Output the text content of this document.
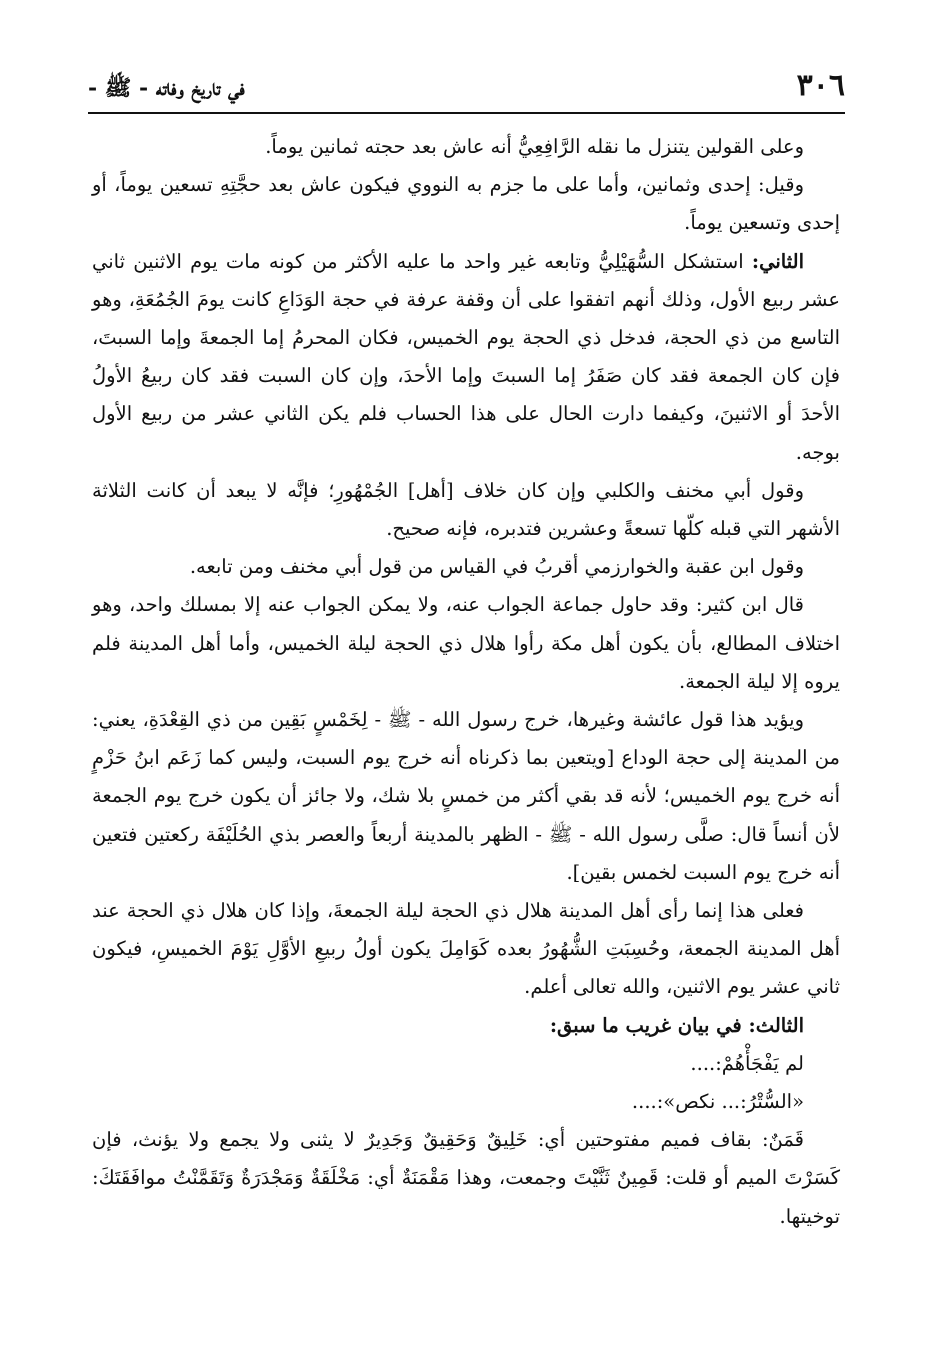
٣٠٦
في تاريخ وفاته - ﷺ -

وعلى القولين يتنزل ما نقله الرَّافِعِيُّ أنه عاش بعد حجته ثمانين يوماً.

وقيل: إحدى وثمانين، وأما على ما جزم به النووي فيكون عاش بعد حجَّتِهِ تسعين يوماً، أو إحدى وتسعين يوماً.

الثاني: استشكل السُّهَيْلِيُّ وتابعه غير واحد ما عليه الأكثر من كونه مات يوم الاثنين ثاني عشر ربيع الأول، وذلك أنهم اتفقوا على أن وقفة عرفة في حجة الوَدَاعِ كانت يومَ الجُمُعَةِ، وهو التاسع من ذي الحجة، فدخل ذي الحجة يوم الخميس، فكان المحرمُ إما الجمعةَ وإما السبتَ، فإن كان الجمعة فقد كان صَفَرُ إما السبتَ وإما الأحدَ، وإن كان السبت فقد كان ربيعُ الأولُ الأحدَ أو الاثنينَ، وكيفما دارت الحال على هذا الحساب فلم يكن الثاني عشر من ربيع الأول بوجه.

وقول أبي مخنف والكلبي وإن كان خلاف [أهل] الجُمْهُورِ؛ فإنَّه لا يبعد أن كانت الثلاثة الأشهر التي قبله كلّها تسعةً وعشرين فتدبره، فإنه صحيح.

وقول ابن عقبة والخوارزمي أقربُ في القياس من قول أبي مخنف ومن تابعه.

قال ابن كثير: وقد حاول جماعة الجواب عنه، ولا يمكن الجواب عنه إلا بمسلك واحد، وهو اختلاف المطالع، بأن يكون أهل مكة رأوا هلال ذي الحجة ليلة الخميس، وأما أهل المدينة فلم يروه إلا ليلة الجمعة.

ويؤيد هذا قول عائشة وغيرها، خرج رسول الله - ﷺ - لِخَمْسٍ بَقِين من ذي القِعْدَةِ، يعني: من المدينة إلى حجة الوداع [ويتعين بما ذكرناه أنه خرج يوم السبت، وليس كما زَعَم ابنُ حَزْمٍ أنه خرج يوم الخميس؛ لأنه قد بقي أكثر من خمسٍ بلا شك، ولا جائز أن يكون خرج يوم الجمعة لأن أنساً قال: صلَّى رسول الله - ﷺ - الظهر بالمدينة أربعاً والعصر بذي الحُلَيْفَة ركعتين فتعين أنه خرج يوم السبت لخمس بقين].

فعلى هذا إنما رأى أهل المدينة هلال ذي الحجة ليلة الجمعةَ، وإذا كان هلال ذي الحجة عند أهل المدينة الجمعة، وحُسِبَتِ الشُّهُورُ بعده كَوَامِلَ يكون أولُ ربيعِ الأوَّلِ يَوْمَ الخميسِ، فيكون ثاني عشر يوم الاثنين، والله تعالى أعلم.

الثالث: في بيان غريب ما سبق:

لم يَفْجَأْهُمْ:....

«السُّتْرُ:... نكص»:....

قَمَنٌ: بقاف فميم مفتوحتين أي: خَلِيقٌ وَحَقِيقٌ وَجَدِيرٌ لا يثنى ولا يجمع ولا يؤنث، فإن كَسَرْتَ الميم أو قلت: قَمِينٌ ثَنَّيْتَ وجمعت، وهذا مَقْمَنَةٌ أي: مَخْلَقَةٌ وَمَجْدَرَةٌ وَتَقَمَّنْتُ موافَقَتَكَ: توخيتها.
